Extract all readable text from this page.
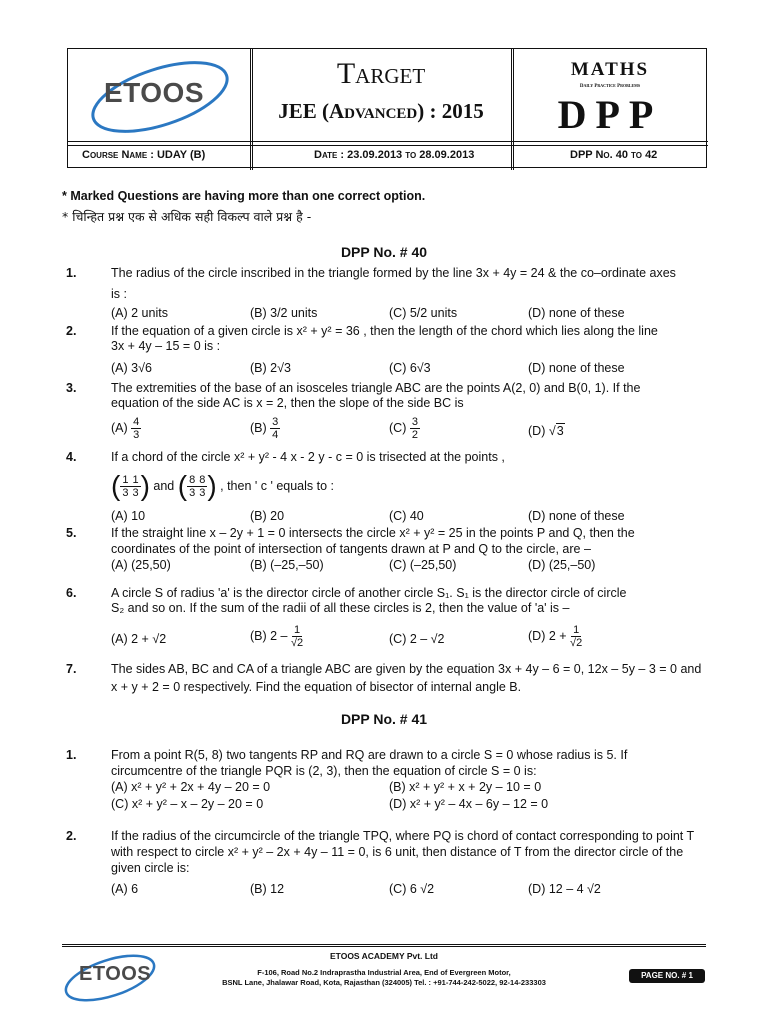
ETOOS
Target
JEE (Advanced) : 2015
MATHS
Daily Practice Problems
DPP
Course Name : UDAY (B)	Date : 23.09.2013 to 28.09.2013	DPP No. 40 to 42
* Marked Questions are having more than one correct option.
* चिन्हित प्रश्न एक से अधिक सही विकल्प वाले प्रश्न है -
DPP No. # 40
1.	The radius of the circle inscribed in the triangle formed by the line 3x + 4y = 24 & the co–ordinate axes
is :
(A) 2 units	(B) 3/2 units	(C) 5/2 units	(D) none of these
2.	If the equation of a given circle is x² + y² = 36 , then the length of the chord which lies along the line
3x + 4y – 15 = 0 is :
(A) 3√6	(B) 2√3	(C) 6√3	(D) none of these
3.	The extremities of the base of an isosceles triangle ABC are the points A(2, 0) and B(0, 1). If the
equation of the side AC is x = 2, then the slope of the side BC is
$(A) \frac{4}{3}$	$(B) \frac{3}{4}$	$(C) \frac{3}{2}$	(D) √3
4.	If a chord of the circle x² + y² - 4 x - 2 y - c = 0 is trisected at the points ,
( $\frac{1}{3} \frac{1}{3}$ )
and
( $\frac{8}{3} \frac{8}{3}$ )
, then ' c ' equals to :
(A) 10	(B) 20	(C) 40	(D) none of these
5.	If the straight line x – 2y + 1 = 0 intersects the circle x² + y² = 25 in the points P and Q, then the
coordinates of the point of intersection of tangents drawn at P and Q to the circle, are –
(A) (25,50)	(B) (–25,–50)	(C) (–25,50)	(D) (25,–50)
6.	A circle S of radius 'a' is the director circle of another circle S₁. S₁ is the director circle of circle
S₂ and so on. If the sum of the radii of all these circles is 2, then the value of 'a' is –
(A) 2 + √2	(B) $2 - \frac{1}{√2}$	(C) 2 – √2	(D) $2 + \frac{1}{√2}$
7.	The sides AB, BC and CA of a triangle ABC are given by the equation 3x + 4y – 6 = 0, 12x – 5y – 3 = 0 and
x + y + 2 = 0 respectively. Find the equation of bisector of internal angle B.
DPP No. # 41
1.	From a point R(5, 8) two tangents RP and RQ are drawn to a circle S = 0 whose radius is 5. If
circumcentre of the triangle PQR is (2, 3), then the equation of circle S = 0 is:
(A) x² + y² + 2x + 4y – 20 = 0	(B) x² + y² + x + 2y – 10 = 0
(C) x² + y² – x – 2y – 20 = 0	(D) x² + y² – 4x – 6y – 12 = 0
2.	If the radius of the circumcircle of the triangle TPQ, where PQ is chord of contact corresponding to point T
with respect to circle x² + y² – 2x + 4y – 11 = 0, is 6 unit, then distance of T from the director circle of the
given circle is:
(A) 6	(B) 12	(C) 6 √2	(D) 12 – 4 √2
ETOOS ACADEMY Pvt. Ltd
ETOOS	F-106, Road No.2 Indraprastha Industrial Area, End of Evergreen Motor,
BSNL Lane, Jhalawar Road, Kota, Rajasthan (324005) Tel. : +91-744-242-5022, 92-14-233303
PAGE NO. # 1
